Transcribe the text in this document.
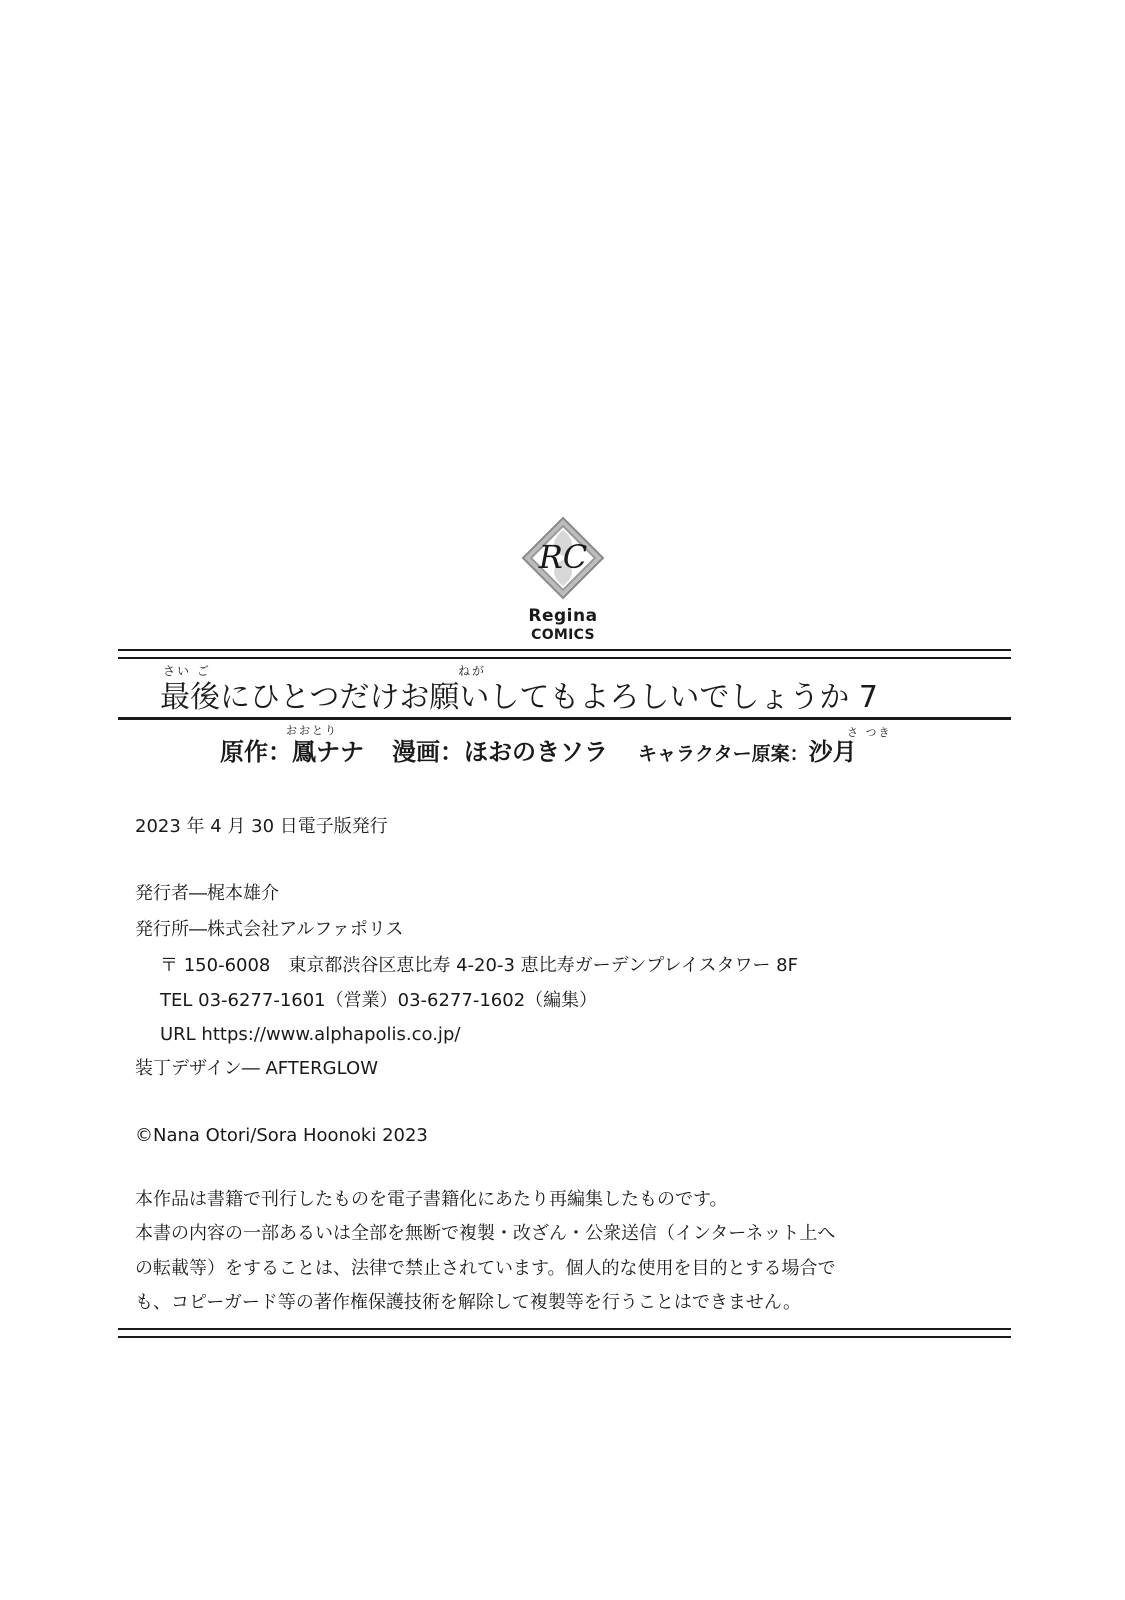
RC
Regina
COMICS
さい ご	ねが
最後にひとつだけお願いしてもよろしいでしょうか 7
おおとり	さ つき
原作：鳳ナナ 漫画：ほおのきソラ キャラクター原案：沙月
2023 年 4 月 30 日電子版発行
発行者―梶本雄介
発行所―株式会社アルファポリス
〒 150-6008　東京都渋谷区恵比寿 4-20-3 恵比寿ガーデンプレイスタワー 8F
TEL 03-6277-1601（営業）03-6277-1602（編集）
URL https://www.alphapolis.co.jp/
装丁デザイン― AFTERGLOW
©Nana Otori/Sora Hoonoki 2023
本作品は書籍で刊行したものを電子書籍化にあたり再編集したものです。
本書の内容の一部あるいは全部を無断で複製・改ざん・公衆送信（インターネット上へ
の転載等）をすることは、法律で禁止されています。個人的な使用を目的とする場合で
も、コピーガード等の著作権保護技術を解除して複製等を行うことはできません。
